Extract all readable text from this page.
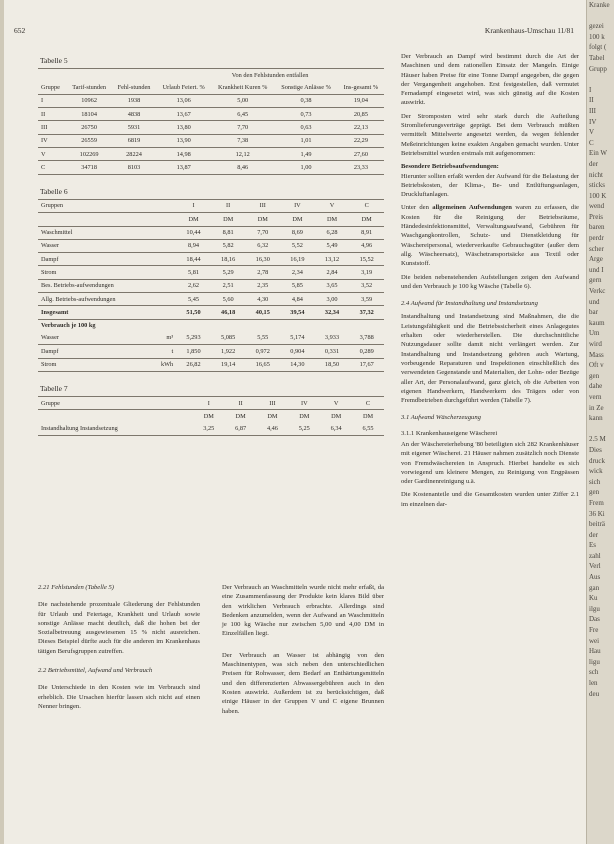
652	Krankenhaus-Umschau 11/81
Tabelle 5
			Von den Fehlstunden entfallen			
Gruppe	Tarif-stunden	Fehl-stunden	Urlaub Feiert. %	Krankheit Kuren %	Sonstige Anlässe %	Ins-gesamt %
I	10962	1938	13,06	5,00	0,38	19,04
II	18104	4838	13,67	6,45	0,73	20,85
III	26750	5931	13,80	7,70	0,63	22,13
IV	26559	6819	13,90	7,38	1,01	22,29
V	102269	28224	14,98	12,12	1,49	27,60
C	34718	8103	13,87	8,46	1,00	23,33
Tabelle 6
Gruppen	I	II	III	IV	V	C
	DM	DM	DM	DM	DM	DM
Waschmittel	10,44	8,81	7,70	8,69	6,28	8,91
Wasser	8,94	5,82	6,32	5,52	5,49	4,96
Dampf	18,44	18,16	16,30	16,19	13,12	15,52
Strom	5,81	5,29	2,78	2,34	2,84	3,19
Bes. Betriebs-aufwendungen	2,62	2,51	2,35	5,85	3,65	3,52
Allg. Betriebs-aufwendungen	5,45	5,60	4,30	4,84	3,00	3,59
Insgesamt	51,50	46,18	40,15	39,54	32,34	37,32
Verbrauch je 100 kg						
Wasser m³	5,293	5,085	5,55	5,174	3,933	3,788
Dampf t	1,850	1,922	0,972	0,904	0,331	0,289
Strom kWh	26,82	19,14	16,65	14,30	18,50	17,67
Tabelle 7
Gruppe	I	II	III	IV	V	C
	DM	DM	DM	DM	DM	DM
Instandhaltung Instandsetzung	3,25	6,87	4,46	5,25	6,34	6,55
2.21 Fehlstunden (Tabelle 5)
Die nachstehende prozentuale Gliederung der Fehlstunden für Urlaub und Feiertage, Krankheit und Urlaub sowie sonstige Anlässe macht deutlich, daß die hohen bei der Sozialbetreuung ausgewiesenen 15 % nicht ausreichen. Dieses Beispiel dürfte auch für die anderen im Krankenhaus tätigen Berufsgruppen zutreffen.
2.2 Betriebsmittel, Aufwand und Verbrauch
Die Unterschiede in den Kosten wie im Verbrauch sind erheblich. Die Ursachen hierfür lassen sich nicht auf einen Nenner bringen.
Der Verbrauch an Waschmitteln wurde nicht mehr erfaßt, da eine Zusammenfassung der Produkte kein klares Bild über den wirklichen Verbrauch erbrachte. Allerdings sind Bedenken anzumelden, wenn der Aufwand an Waschmitteln je 100 kg Wäsche nur zwischen 5,00 und 4,00 DM in Einzelfällen liegt.
Der Verbrauch an Wasser ist abhängig von den Maschinentypen, was sich neben den unterschiedlichen Preisen für Rohwasser, dem Bedarf an Enthärtungsmitteln und den differenzierten Abwassergebühren auch in den Kosten auswirkt. Außerdem ist zu berücksichtigen, daß einige Häuser in der Gruppen V und C eigene Brunnen haben.
Der Verbrauch an Dampf wird bestimmt durch die Art der Maschinen und dem rationellen Einsatz der Mangeln. Einige Häuser haben Preise für eine Tonne Dampf angegeben, die gegen der Vergangenheit angehoben. Erst festgestellen, daß vermutet Fernadampf eingesetzt wird, was sich günstig auf die Kosten auswirkt.
Der Stromposten wird sehr stark durch die Aufteilung Stromlieferungsverträge geprägt. Bei dem Verbrauch müßten vermittelt Mittelwerte angesetzt werden, da wegen fehlender Meßeinrichtungen keine exakten Angaben gemacht wurden. Unter Betriebsmittel wurden erstmals mit aufgenommen:
Besondere Betriebsaufwendungen:
Hierunter sollten erfaßt werden der Aufwand für die Belastung der Betriebskosten, der Klima-, Be- und Entlüftungsanlagen, Druckluftanlagen.
Unter den allgemeinen Aufwendungen waren zu erfassen, die Kosten für die Reinigung der Betriebsräume, Händedesinfektionsmittel, Verwaltungsaufwand, Gebühren für Waschgangkontrollen, Schutz- und Dienstkleidung für Wäschereipersonal, wiederverkaufte Gebrauchsgüter (außer dem allg. Wäscheersatz), Wäschetransportsäcke aus Textil oder Kunststoff.
Die beiden nebenstehenden Aufstellungen zeigen den Aufwand und den Verbrauch je 100 kg Wäsche (Tabelle 6).
2.4 Aufwand für Instandhaltung und Instandsetzung
Instandhaltung und Instandsetzung sind Maßnahmen, die die Leistungsfähigkeit und die Betriebssicherheit eines Anlagegutes erhalten oder wiederherstellen. Die durchschnittliche Nutzungsdauer sollte damit nicht verlängert werden. Zur Instandhaltung und Instandsetzung gehören auch Wartung, vorbeugende Reparaturen und Inspektionen einschließlich des verwendeten Gegenstande und Materialien, der Lohn- oder Bezüge aller Art, der Personalaufwand, ganz gleich, ob die Arbeiten von eigenen Handwerkern, Handwerkern des Trägers oder von Fremdbetrieben durchgeführt werden (Tabelle 7).
3.1 Aufwand Wäscherzeugung
3.1.1 Krankenhauseigene Wäscherei
An der Wäschereierhebung '80 beteiligten sich 282 Krankenhäuser mit eigener Wäscherei. 21 Häuser nahmen zusätzlich noch Dienste von Fremdwäschereien in Anspruch. Hierbei handelte es sich vorwiegend um kleinere Mengen, zu Reinigung von Engpässen oder Gardinenreinigung u.ä.
Die Kostenanteile und die Gesamtkosten wurden unter Ziffer 2.1 im einzelnen dar-
Kranke

gezei
100 k
folgt (
Tabel
Grupp

I
II
III
IV
V
C
Ein W
der
nicht
sticks
100 K
wend
Preis
baren
perdr
scher
Arge
und I
gern
Verkc
und
bar
kaum
Um
wird
Mass
Oft v
gen
dahe
vern
in Ze
kann

2.5 M
Dies
druck
wick
sich
gen
Frem
36 Ki
beiträ
der
Es
zahl
Verl
Aus
gan
Ku
ilgu
Das
Fre
wei
Hau
ligu
sch
len
deu
